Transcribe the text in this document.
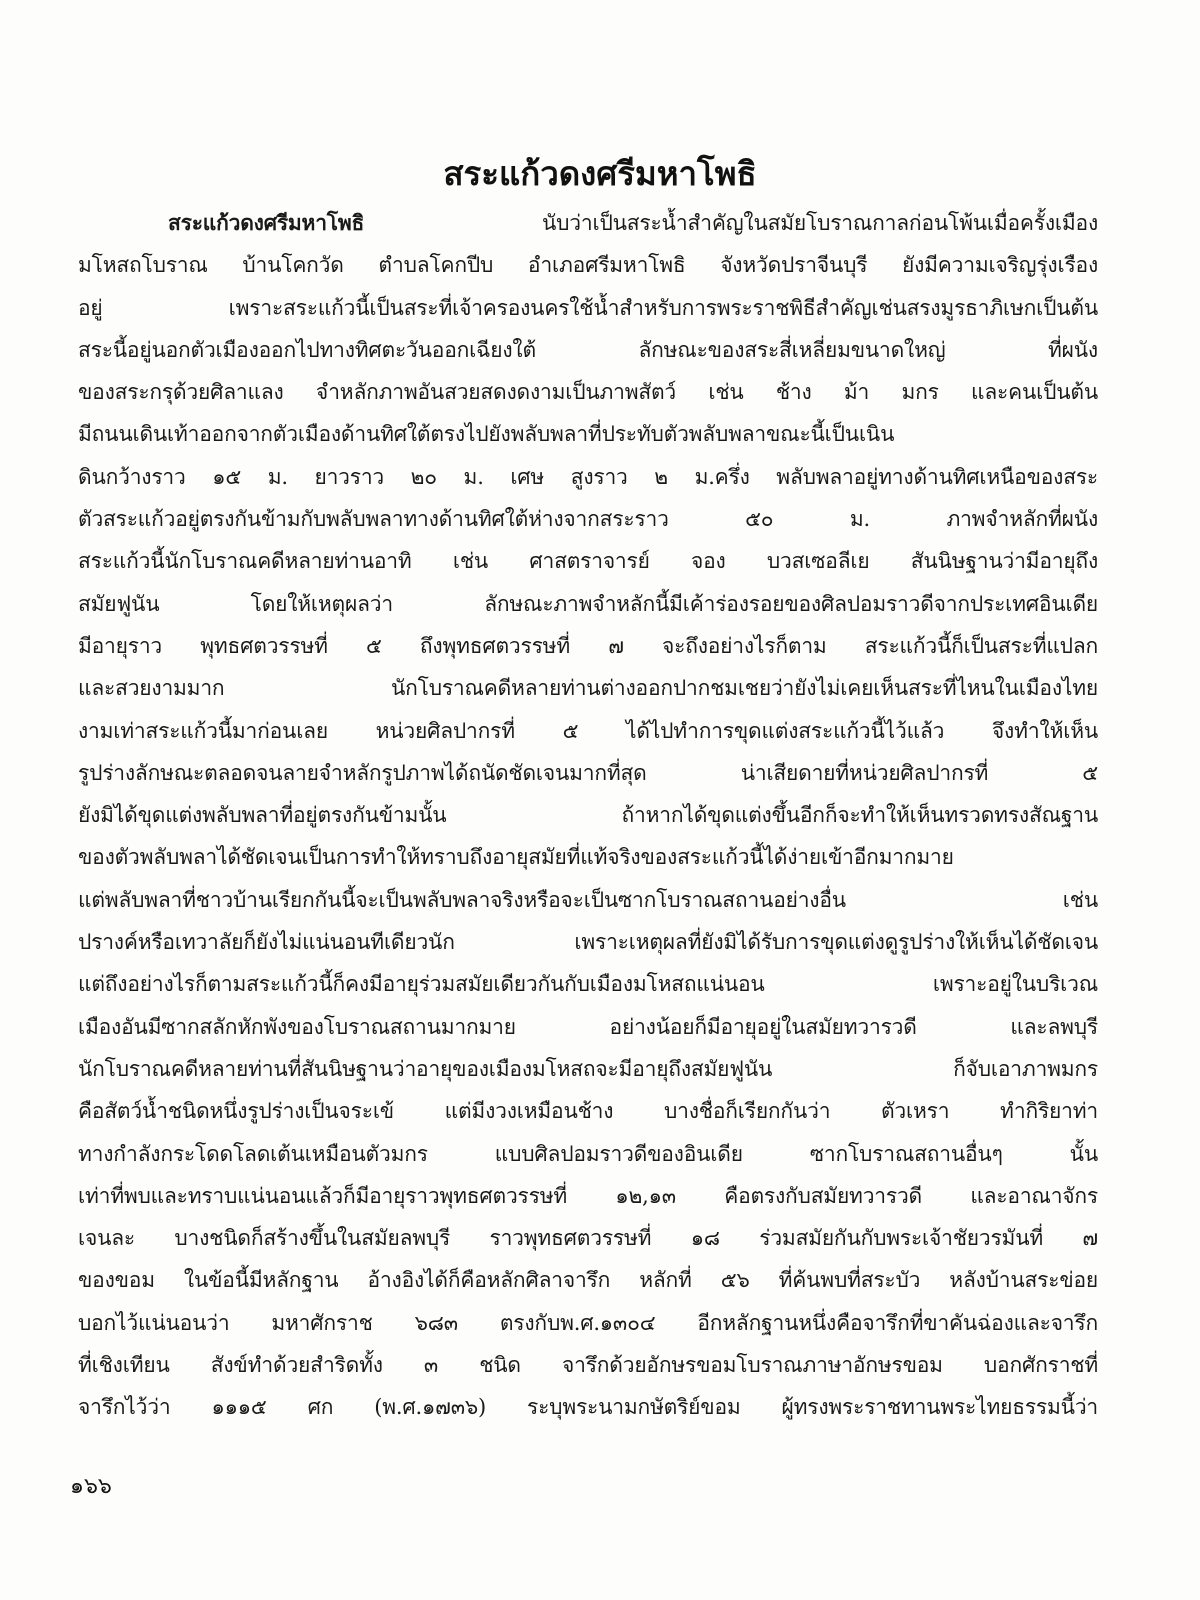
สระแก้วดงศรีมหาโพธิ
สระแก้วดงศรีมหาโพธิ	นับว่าเป็นสระน้ำสำคัญในสมัยโบราณกาลก่อนโพ้นเมื่อครั้งเมือง
มโหสถโบราณ บ้านโคกวัด ตำบลโคกปีบ อำเภอศรีมหาโพธิ จังหวัดปราจีนบุรี ยังมีความเจริญรุ่งเรือง
อยู่ เพราะสระแก้วนี้เป็นสระที่เจ้าครองนครใช้น้ำสำหรับการพระราชพิธีสำคัญเช่นสรงมูรธาภิเษกเป็นต้น
สระนี้อยู่นอกตัวเมืองออกไปทางทิศตะวันออกเฉียงใต้ ลักษณะของสระสี่เหลี่ยมขนาดใหญ่ ที่ผนัง
ของสระกรุด้วยศิลาแลง จำหลักภาพอันสวยสดงดงามเป็นภาพสัตว์ เช่น ช้าง ม้า มกร และคนเป็นต้น
มีถนนเดินเท้าออกจากตัวเมืองด้านทิศใต้ตรงไปยังพลับพลาที่ประทับตัวพลับพลาขณะนี้เป็นเนิน
ดินกว้างราว ๑๕ ม. ยาวราว ๒๐ ม. เศษ สูงราว ๒ ม.ครึ่ง พลับพลาอยู่ทางด้านทิศเหนือของสระ
ตัวสระแก้วอยู่ตรงกันข้ามกับพลับพลาทางด้านทิศใต้ห่างจากสระราว ๕๐ ม. ภาพจำหลักที่ผนัง
สระแก้วนี้นักโบราณคดีหลายท่านอาทิ เช่น ศาสตราจารย์ จอง บวสเซอลีเย สันนิษฐานว่ามีอายุถึง
สมัยฟูนัน โดยให้เหตุผลว่า ลักษณะภาพจำหลักนี้มีเค้าร่องรอยของศิลปอมราวดีจากประเทศอินเดีย
มีอายุราว พุทธศตวรรษที่ ๕ ถึงพุทธศตวรรษที่ ๗ จะถึงอย่างไรก็ตาม สระแก้วนี้ก็เป็นสระที่แปลก
และสวยงามมาก นักโบราณคดีหลายท่านต่างออกปากชมเชยว่ายังไม่เคยเห็นสระที่ไหนในเมืองไทย
งามเท่าสระแก้วนี้มาก่อนเลย หน่วยศิลปากรที่ ๕ ได้ไปทำการขุดแต่งสระแก้วนี้ไว้แล้ว จึงทำให้เห็น
รูปร่างลักษณะตลอดจนลายจำหลักรูปภาพได้ถนัดชัดเจนมากที่สุด น่าเสียดายที่หน่วยศิลปากรที่ ๕
ยังมิได้ขุดแต่งพลับพลาที่อยู่ตรงกันข้ามนั้น ถ้าหากได้ขุดแต่งขึ้นอีกก็จะทำให้เห็นทรวดทรงสัณฐาน
ของตัวพลับพลาได้ชัดเจนเป็นการทำให้ทราบถึงอายุสมัยที่แท้จริงของสระแก้วนี้ได้ง่ายเข้าอีกมากมาย
แต่พลับพลาที่ชาวบ้านเรียกกันนี้จะเป็นพลับพลาจริงหรือจะเป็นซากโบราณสถานอย่างอื่น เช่น
ปรางค์หรือเทวาลัยก็ยังไม่แน่นอนทีเดียวนัก เพราะเหตุผลที่ยังมิได้รับการขุดแต่งดูรูปร่างให้เห็นได้ชัดเจน
แต่ถึงอย่างไรก็ตามสระแก้วนี้ก็คงมีอายุร่วมสมัยเดียวกันกับเมืองมโหสถแน่นอน เพราะอยู่ในบริเวณ
เมืองอันมีซากสลักหักพังของโบราณสถานมากมาย อย่างน้อยก็มีอายุอยู่ในสมัยทวารวดี และลพบุรี
นักโบราณคดีหลายท่านที่สันนิษฐานว่าอายุของเมืองมโหสถจะมีอายุถึงสมัยฟูนัน ก็จับเอาภาพมกร
คือสัตว์น้ำชนิดหนึ่งรูปร่างเป็นจระเข้ แต่มีงวงเหมือนช้าง บางชื่อก็เรียกกันว่า ตัวเหรา ทำกิริยาท่า
ทางกำลังกระโดดโลดเต้นเหมือนตัวมกร แบบศิลปอมราวดีของอินเดีย ซากโบราณสถานอื่นๆ นั้น
เท่าที่พบและทราบแน่นอนแล้วก็มีอายุราวพุทธศตวรรษที่ ๑๒,๑๓ คือตรงกับสมัยทวารวดี และอาณาจักร
เจนละ บางชนิดก็สร้างขึ้นในสมัยลพบุรี ราวพุทธศตวรรษที่ ๑๘ ร่วมสมัยกันกับพระเจ้าชัยวรมันที่ ๗
ของขอม ในข้อนี้มีหลักฐาน อ้างอิงได้ก็คือหลักศิลาจารึก หลักที่ ๕๖ ที่ค้นพบที่สระบัว หลังบ้านสระข่อย
บอกไว้แน่นอนว่า มหาศักราช ๖๘๓ ตรงกับพ.ศ.๑๓๐๔ อีกหลักฐานหนึ่งคือจารึกที่ขาคันฉ่องและจารึก
ที่เชิงเทียน สังข์ทำด้วยสำริดทั้ง ๓ ชนิด จารึกด้วยอักษรขอมโบราณภาษาอักษรขอม บอกศักราชที่
จารึกไว้ว่า ๑๑๑๕ ศก (พ.ศ.๑๗๓๖) ระบุพระนามกษัตริย์ขอม ผู้ทรงพระราชทานพระไทยธรรมนี้ว่า
๑๖๖
